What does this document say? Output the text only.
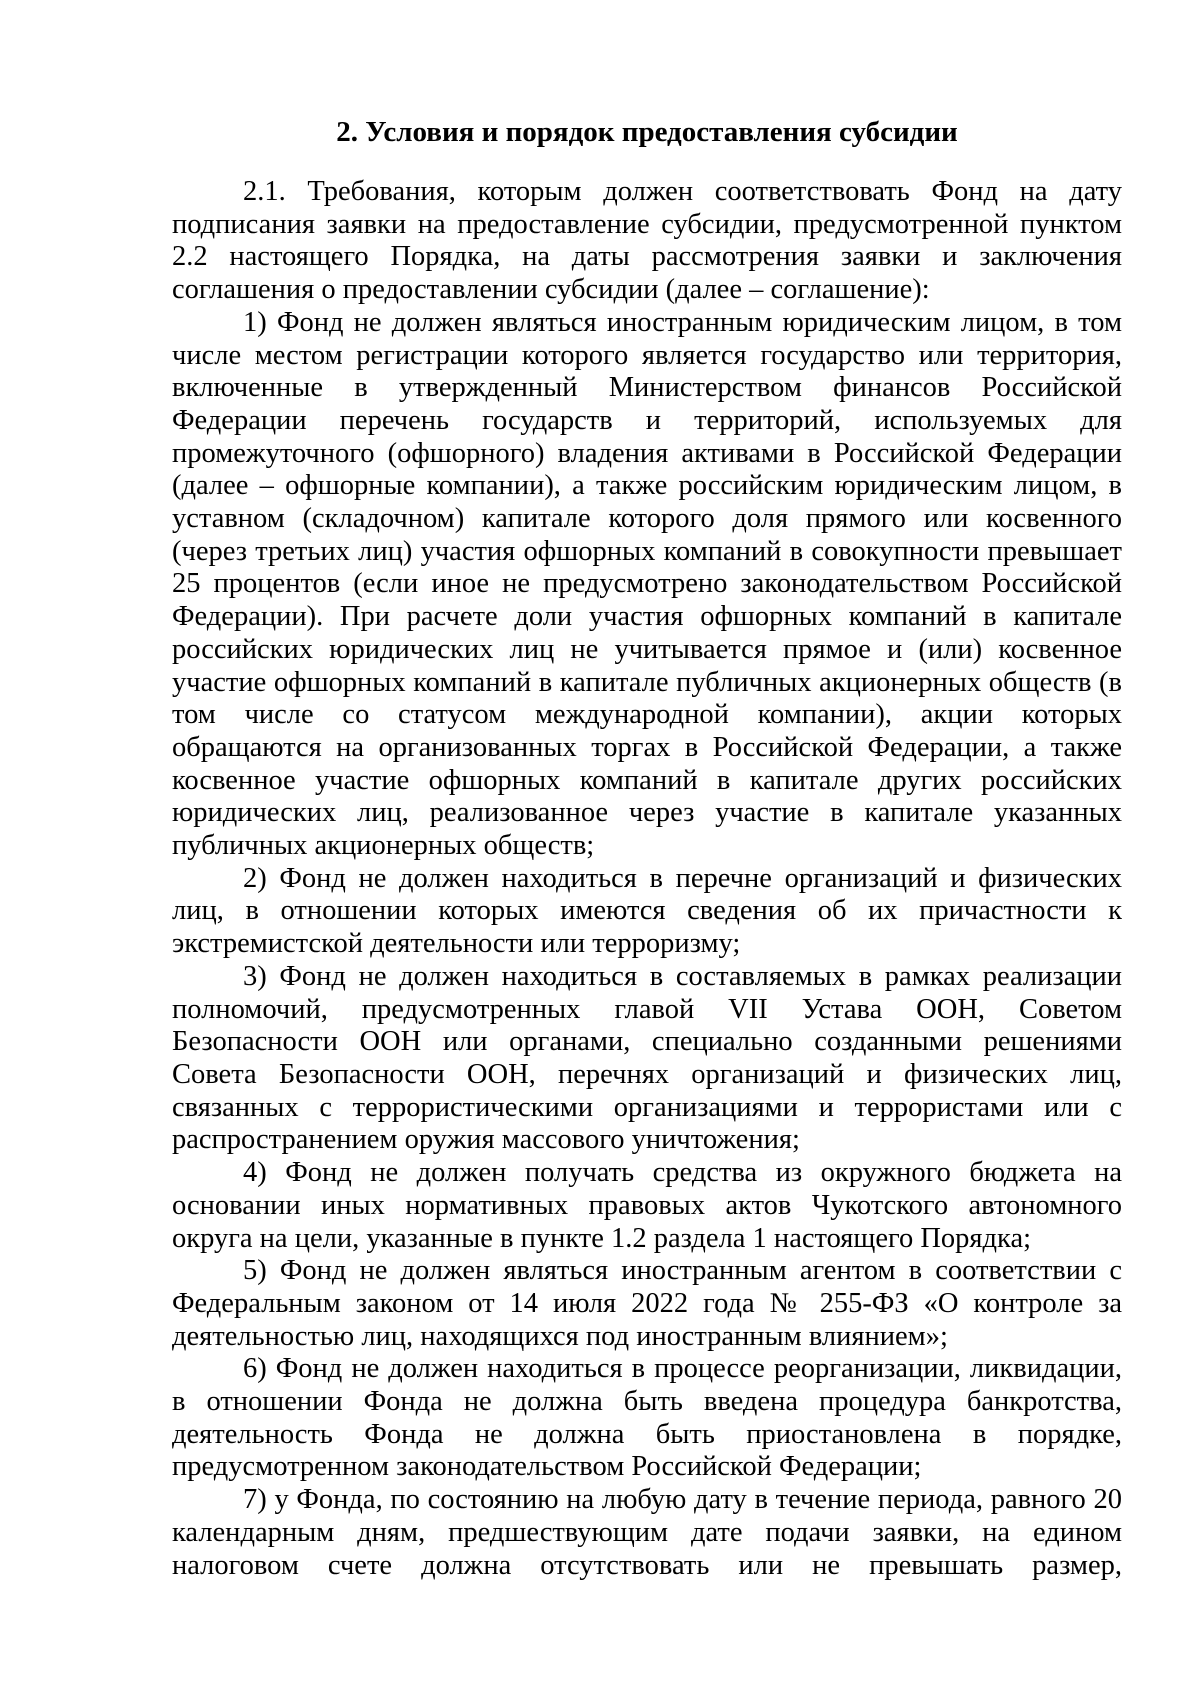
2. Условия и порядок предоставления субсидии

2.1. Требования, которым должен соответствовать Фонд на дату подписания заявки на предоставление субсидии, предусмотренной пунктом 2.2 настоящего Порядка, на даты рассмотрения заявки и заключения соглашения о предоставлении субсидии (далее – соглашение):

1) Фонд не должен являться иностранным юридическим лицом, в том числе местом регистрации которого является государство или территория, включенные в утвержденный Министерством финансов Российской Федерации перечень государств и территорий, используемых для промежуточного (офшорного) владения активами в Российской Федерации (далее – офшорные компании), а также российским юридическим лицом, в уставном (складочном) капитале которого доля прямого или косвенного (через третьих лиц) участия офшорных компаний в совокупности превышает 25 процентов (если иное не предусмотрено законодательством Российской Федерации). При расчете доли участия офшорных компаний в капитале российских юридических лиц не учитывается прямое и (или) косвенное участие офшорных компаний в капитале публичных акционерных обществ (в том числе со статусом международной компании), акции которых обращаются на организованных торгах в Российской Федерации, а также косвенное участие офшорных компаний в капитале других российских юридических лиц, реализованное через участие в капитале указанных публичных акционерных обществ;

2) Фонд не должен находиться в перечне организаций и физических лиц, в отношении которых имеются сведения об их причастности к экстремистской деятельности или терроризму;

3) Фонд не должен находиться в составляемых в рамках реализации полномочий, предусмотренных главой VII Устава ООН, Советом Безопасности ООН или органами, специально созданными решениями Совета Безопасности ООН, перечнях организаций и физических лиц, связанных с террористическими организациями и террористами или с распространением оружия массового уничтожения;

4) Фонд не должен получать средства из окружного бюджета на основании иных нормативных правовых актов Чукотского автономного округа на цели, указанные в пункте 1.2 раздела 1 настоящего Порядка;

5) Фонд не должен являться иностранным агентом в соответствии с Федеральным законом от 14 июля 2022 года № 255-ФЗ «О контроле за деятельностью лиц, находящихся под иностранным влиянием»;

6) Фонд не должен находиться в процессе реорганизации, ликвидации, в отношении Фонда не должна быть введена процедура банкротства, деятельность Фонда не должна быть приостановлена в порядке, предусмотренном законодательством Российской Федерации;

7) у Фонда, по состоянию на любую дату в течение периода, равного 20 календарным дням, предшествующим дате подачи заявки, на едином налоговом счете должна отсутствовать или не превышать размер,
